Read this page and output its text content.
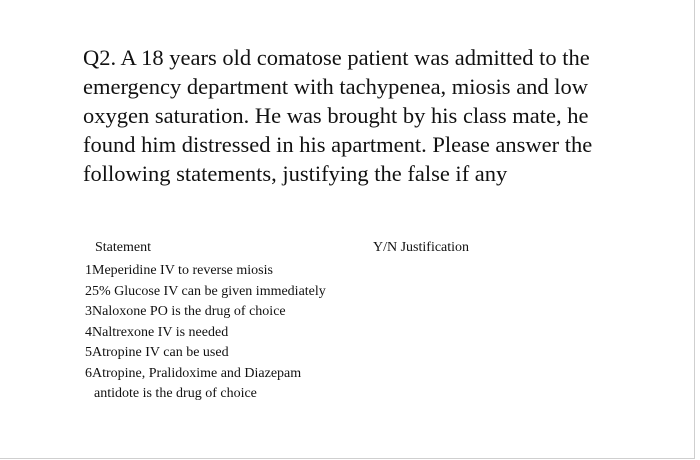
Q2. A 18 years old comatose patient was admitted to the emergency department with tachypenea, miosis and low oxygen saturation. He was brought by his class mate, he found him distressed in his apartment. Please answer the following statements, justifying the false if any

Statement	Y/N Justification
1 Meperidine IV to reverse miosis
2 5% Glucose IV can be given immediately
3 Naloxone PO is the drug of choice
4 Naltrexone IV is needed
5 Atropine IV can be used
6 Atropine, Pralidoxime and Diazepam
antidote is the drug of choice
